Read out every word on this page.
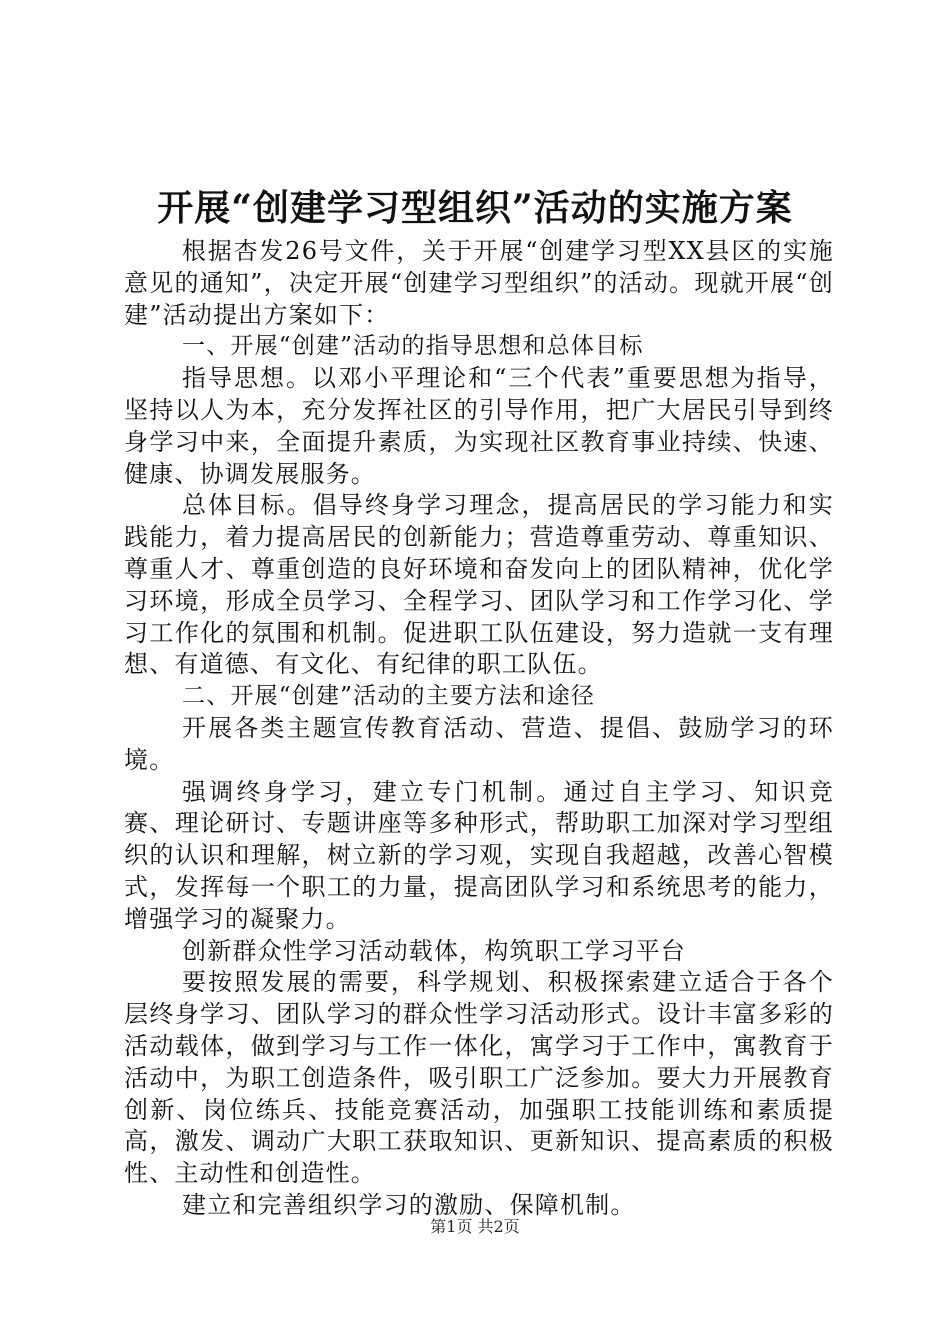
开展“创建学习型组织”活动的实施方案

根据杏发26号文件，关于开展“创建学习型XX县区的实施意见的通知”，决定开展“创建学习型组织”的活动。现就开展“创建”活动提出方案如下：

一、开展“创建”活动的指导思想和总体目标

指导思想。以邓小平理论和“三个代表”重要思想为指导，坚持以人为本，充分发挥社区的引导作用，把广大居民引导到终身学习中来，全面提升素质，为实现社区教育事业持续、快速、健康、协调发展服务。

总体目标。倡导终身学习理念，提高居民的学习能力和实践能力，着力提高居民的创新能力；营造尊重劳动、尊重知识、尊重人才、尊重创造的良好环境和奋发向上的团队精神，优化学习环境，形成全员学习、全程学习、团队学习和工作学习化、学习工作化的氛围和机制。促进职工队伍建设，努力造就一支有理想、有道德、有文化、有纪律的职工队伍。

二、开展“创建”活动的主要方法和途径

开展各类主题宣传教育活动、营造、提倡、鼓励学习的环境。

强调终身学习，建立专门机制。通过自主学习、知识竞赛、理论研讨、专题讲座等多种形式，帮助职工加深对学习型组织的认识和理解，树立新的学习观，实现自我超越，改善心智模式，发挥每一个职工的力量，提高团队学习和系统思考的能力，增强学习的凝聚力。

创新群众性学习活动载体，构筑职工学习平台

要按照发展的需要，科学规划、积极探索建立适合于各个层终身学习、团队学习的群众性学习活动形式。设计丰富多彩的活动载体，做到学习与工作一体化，寓学习于工作中，寓教育于活动中，为职工创造条件，吸引职工广泛参加。要大力开展教育创新、岗位练兵、技能竞赛活动，加强职工技能训练和素质提高，激发、调动广大职工获取知识、更新知识、提高素质的积极性、主动性和创造性。

建立和完善组织学习的激励、保障机制。

第1页 共2页
